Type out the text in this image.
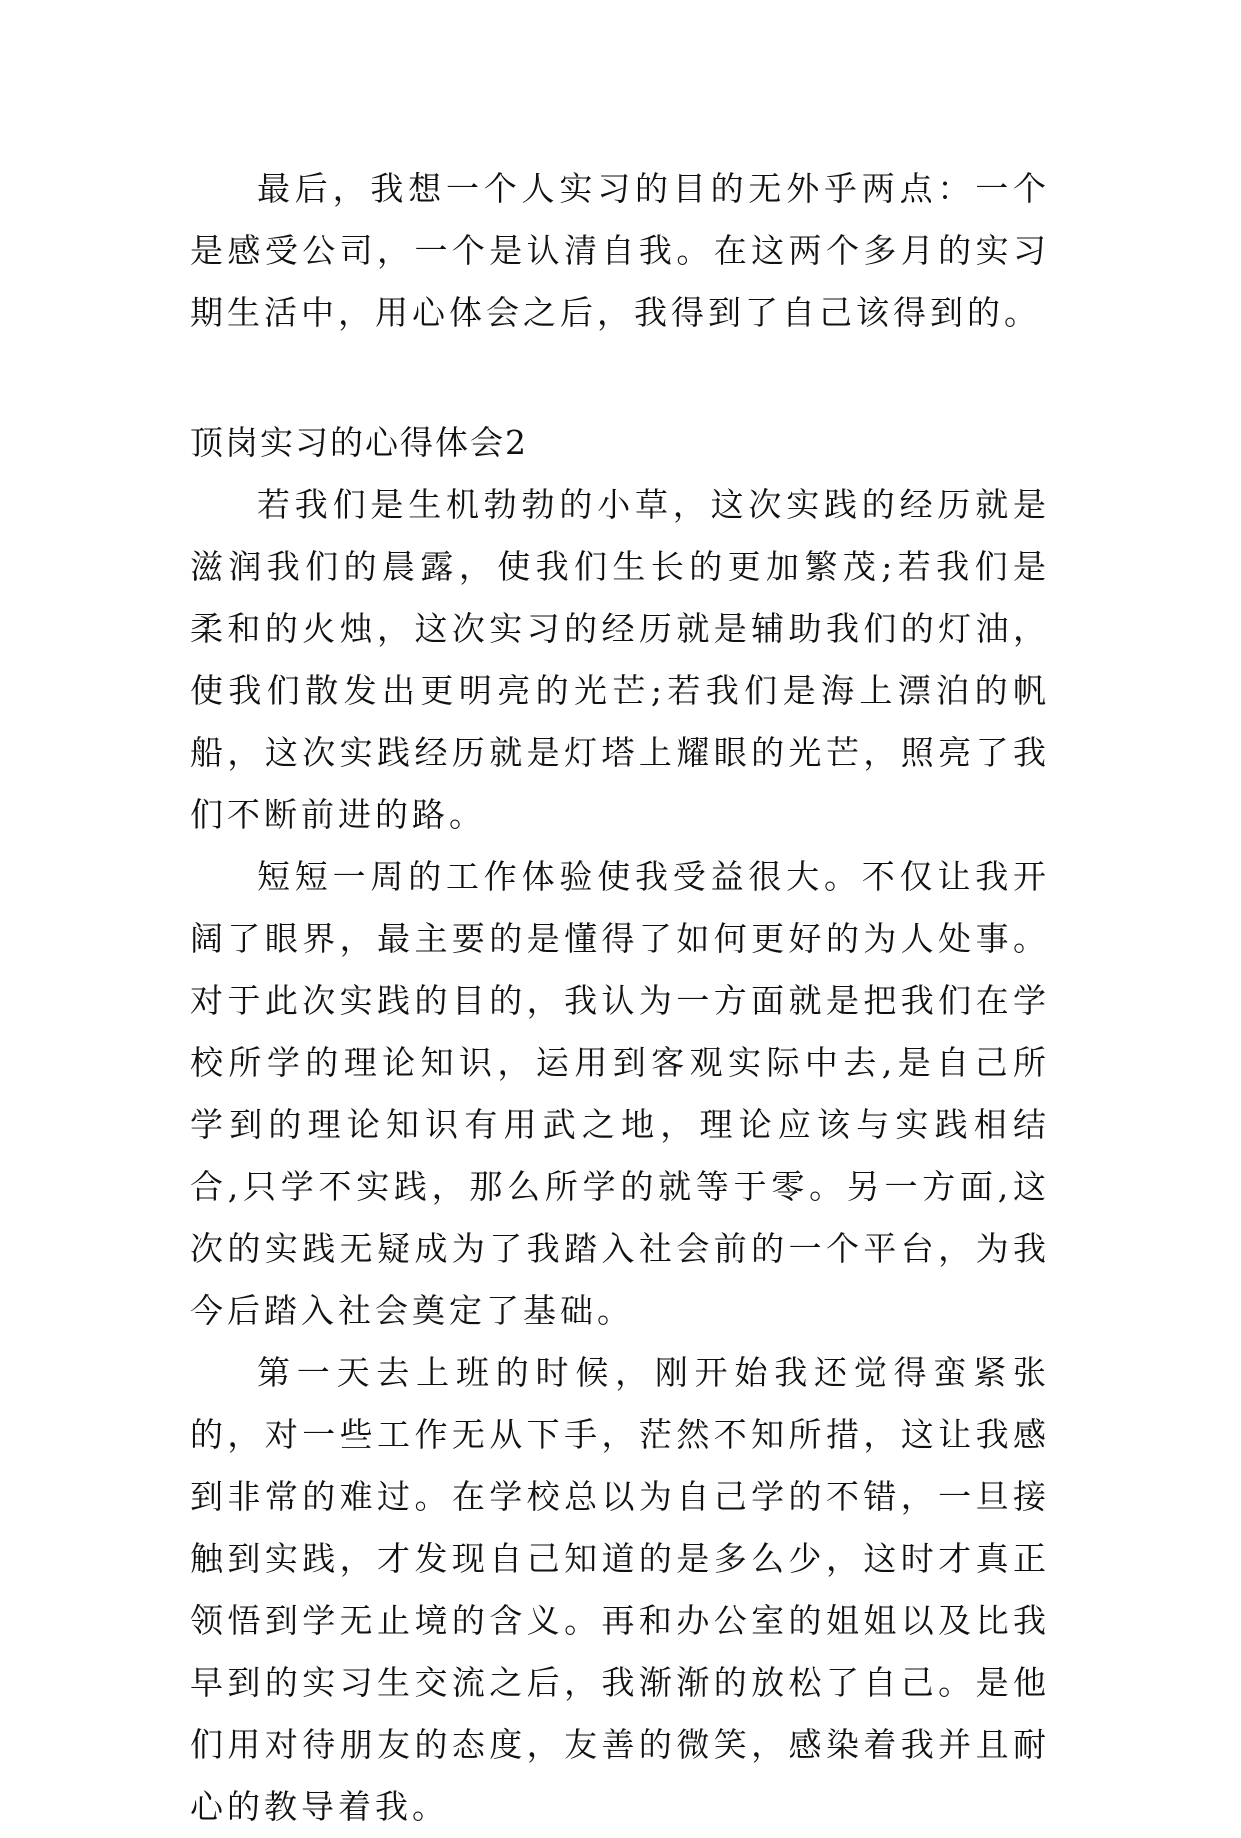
最后，我想一个人实习的目的无外乎两点：一个是感受公司，一个是认清自我。在这两个多月的实习期生活中，用心体会之后，我得到了自己该得到的。

顶岗实习的心得体会2

若我们是生机勃勃的小草，这次实践的经历就是滋润我们的晨露，使我们生长的更加繁茂;若我们是柔和的火烛，这次实习的经历就是辅助我们的灯油，使我们散发出更明亮的光芒;若我们是海上漂泊的帆船，这次实践经历就是灯塔上耀眼的光芒，照亮了我们不断前进的路。

短短一周的工作体验使我受益很大。不仅让我开阔了眼界，最主要的是懂得了如何更好的为人处事。对于此次实践的目的，我认为一方面就是把我们在学校所学的理论知识，运用到客观实际中去,是自己所学到的理论知识有用武之地，理论应该与实践相结合,只学不实践，那么所学的就等于零。另一方面,这次的实践无疑成为了我踏入社会前的一个平台，为我今后踏入社会奠定了基础。

第一天去上班的时候，刚开始我还觉得蛮紧张的，对一些工作无从下手，茫然不知所措，这让我感到非常的难过。在学校总以为自己学的不错，一旦接触到实践，才发现自己知道的是多么少，这时才真正领悟到学无止境的含义。再和办公室的姐姐以及比我早到的实习生交流之后，我渐渐的放松了自己。是他们用对待朋友的态度，友善的微笑，感染着我并且耐心的教导着我。
